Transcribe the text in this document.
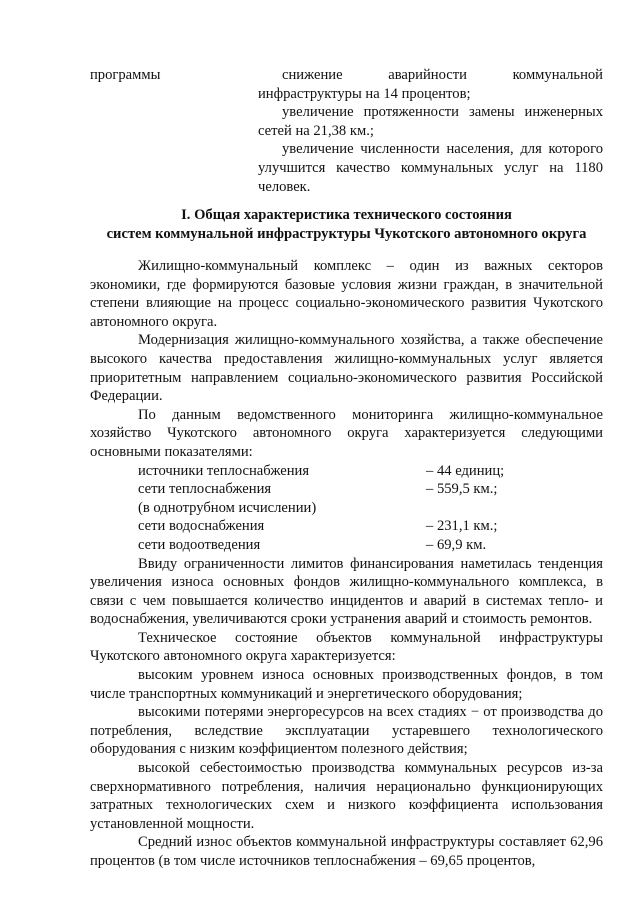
программы	снижение аварийности коммунальной инфраструктуры на 14 процентов;

увеличение протяженности замены инженерных сетей на 21,38 км.;

увеличение численности населения, для которого улучшится качество коммунальных услуг на 1180 человек.

I. Общая характеристика технического состояния
систем коммунальной инфраструктуры Чукотского автономного округа

Жилищно-коммунальный комплекс – один из важных секторов экономики, где формируются базовые условия жизни граждан, в значительной степени влияющие на процесс социально-экономического развития Чукотского автономного округа.

Модернизация жилищно-коммунального хозяйства, а также обеспечение высокого качества предоставления жилищно-коммунальных услуг является приоритетным направлением социально-экономического развития Российской Федерации.

По данным ведомственного мониторинга жилищно-коммунальное хозяйство Чукотского автономного округа характеризуется следующими основными показателями:

источники теплоснабжения	– 44 единиц;
сети теплоснабжения	– 559,5 км.;
(в однотрубном исчислении)
сети водоснабжения	– 231,1 км.;
сети водоотведения	– 69,9 км.

Ввиду ограниченности лимитов финансирования наметилась тенденция увеличения износа основных фондов жилищно-коммунального комплекса, в связи с чем повышается количество инцидентов и аварий в системах тепло- и водоснабжения, увеличиваются сроки устранения аварий и стоимость ремонтов.

Техническое состояние объектов коммунальной инфраструктуры Чукотского автономного округа характеризуется:

высоким уровнем износа основных производственных фондов, в том числе транспортных коммуникаций и энергетического оборудования;

высокими потерями энергоресурсов на всех стадиях − от производства до потребления, вследствие эксплуатации устаревшего технологического оборудования с низким коэффициентом полезного действия;

высокой себестоимостью производства коммунальных ресурсов из-за сверхнормативного потребления, наличия нерационально функционирующих затратных технологических схем и низкого коэффициента использования установленной мощности.

Средний износ объектов коммунальной инфраструктуры составляет 62,96 процентов (в том числе источников теплоснабжения – 69,65 процентов,
